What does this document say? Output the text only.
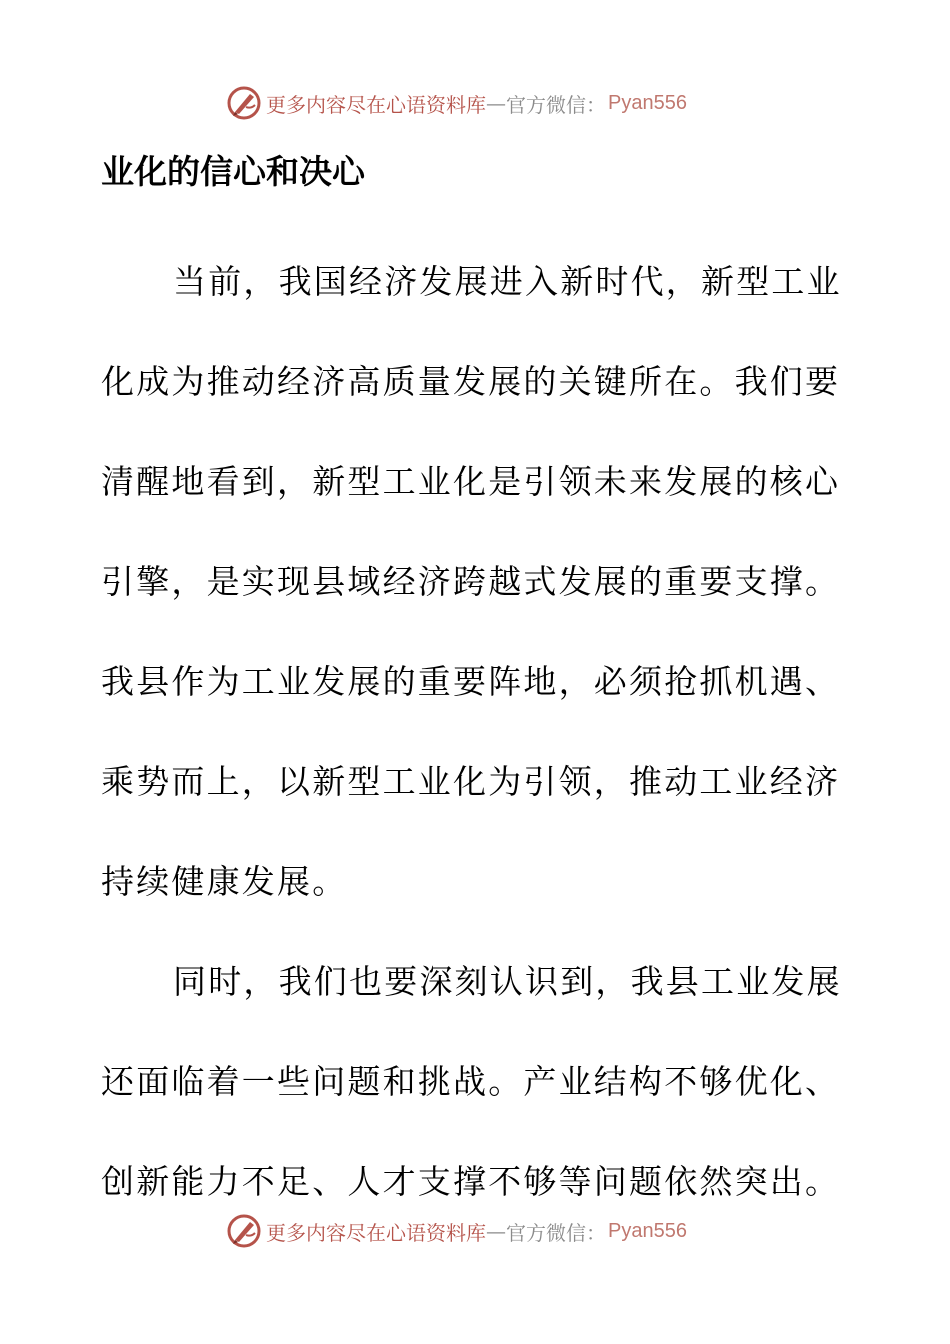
更多内容尽在心语资料库 — 官方微信： Pyan556
业化的信心和决心
当前，我国经济发展进入新时代，新型工业
化成为推动经济高质量发展的关键所在。我们要
清醒地看到，新型工业化是引领未来发展的核心
引擎，是实现县域经济跨越式发展的重要支撑。
我县作为工业发展的重要阵地，必须抢抓机遇、
乘势而上，以新型工业化为引领，推动工业经济
持续健康发展。
同时，我们也要深刻认识到，我县工业发展
还面临着一些问题和挑战。产业结构不够优化、
创新能力不足、人才支撑不够等问题依然突出。
更多内容尽在心语资料库 — 官方微信： Pyan556
